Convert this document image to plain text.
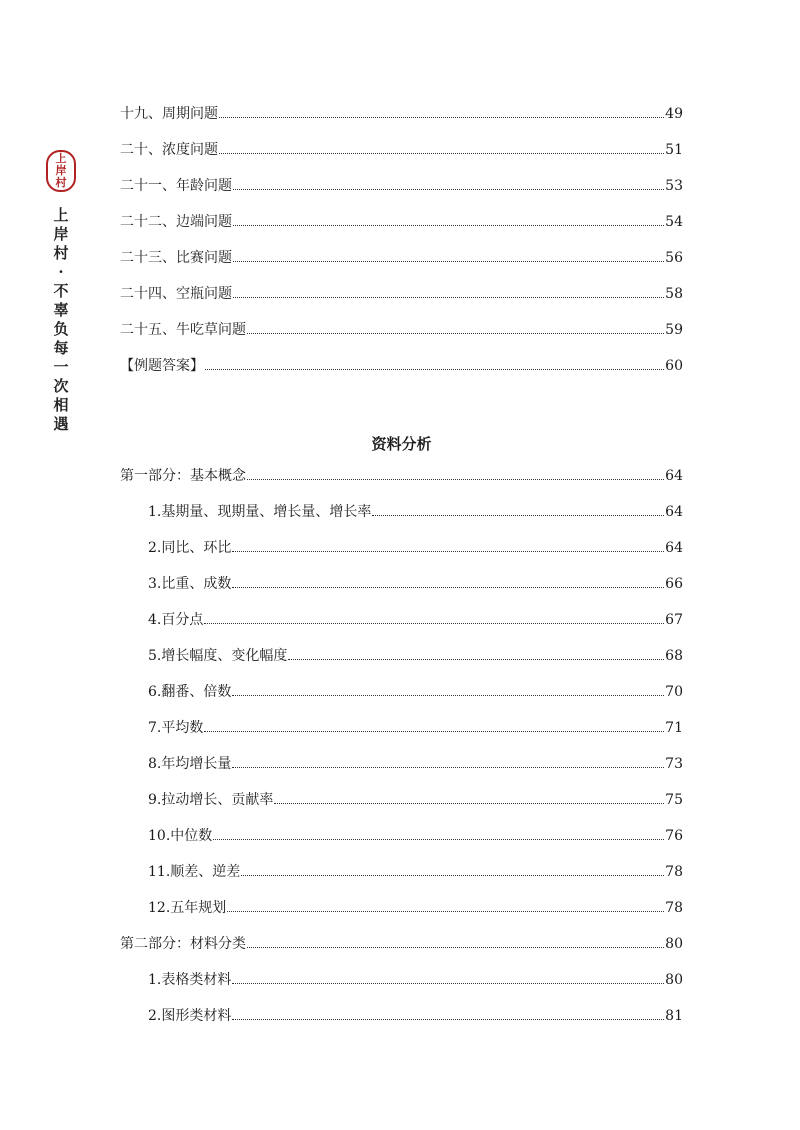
上
岸
村
上
岸
村
·
不
辜
负
每
一
次
相
遇
十九、周期问题	49
二十、浓度问题	51
二十一、年龄问题	53
二十二、边端问题	54
二十三、比赛问题	56
二十四、空瓶问题	58
二十五、牛吃草问题	59
【例题答案】	60
资料分析
第一部分：基本概念	64
1.基期量、现期量、增长量、增长率	64
2.同比、环比	64
3.比重、成数	66
4.百分点	67
5.增长幅度、变化幅度	68
6.翻番、倍数	70
7.平均数	71
8.年均增长量	73
9.拉动增长、贡献率	75
10.中位数	76
11.顺差、逆差	78
12.五年规划	78
第二部分：材料分类	80
1.表格类材料	80
2.图形类材料	81
